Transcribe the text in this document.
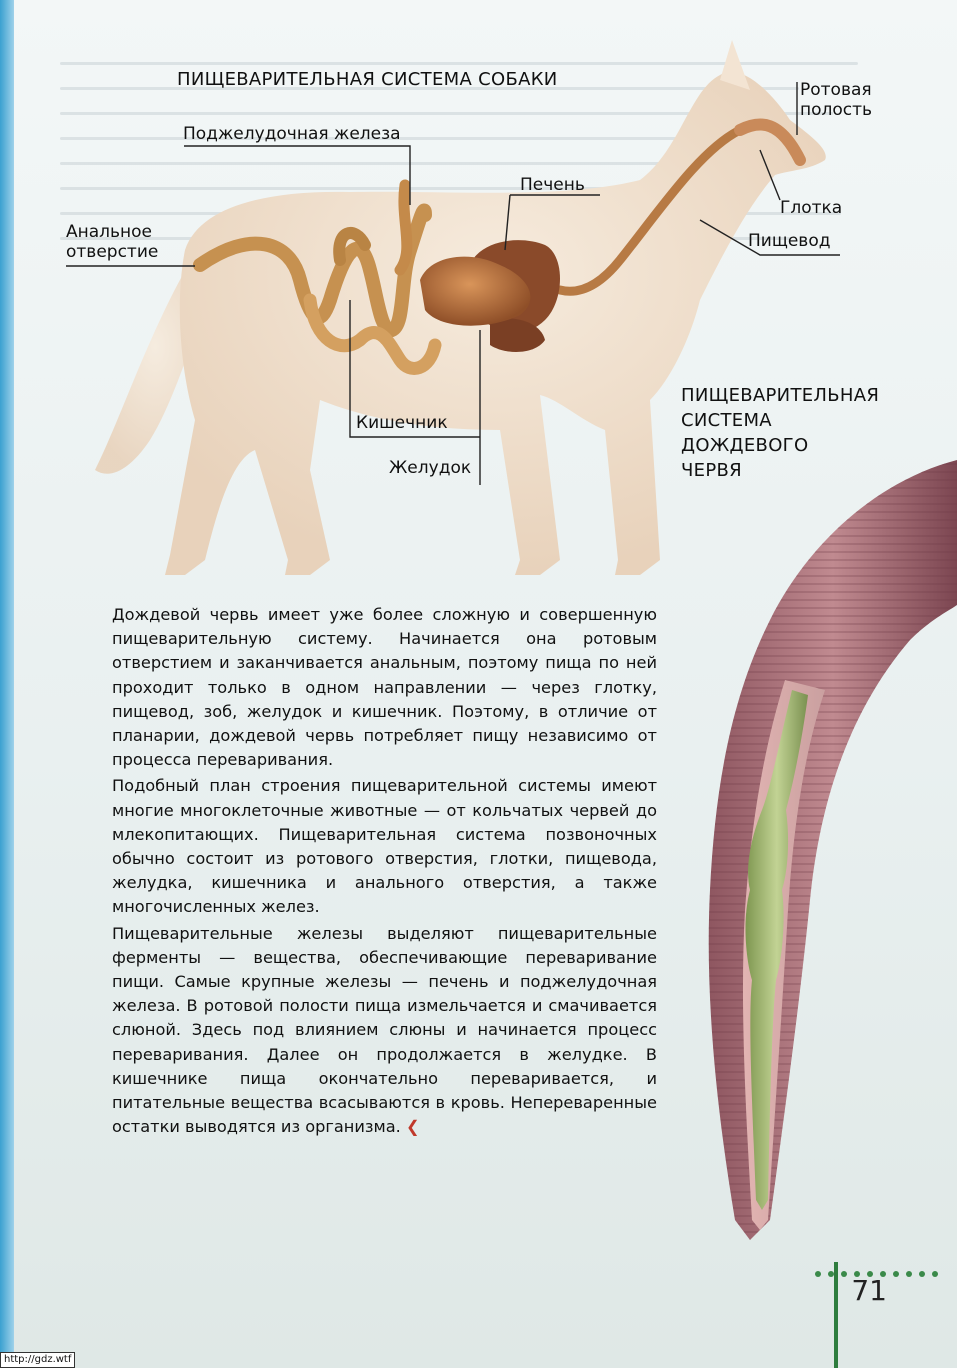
ПИЩЕВАРИТЕЛЬНАЯ СИСТЕМА СОБАКИ	Ротовая
полость
Поджелудочная железа
Печень
Анальное
отверстие
Глотка
Пищевод
Кишечник
Желудок
ПИЩЕВАРИТЕЛЬНАЯ
СИСТЕМА
ДОЖДЕВОГО
ЧЕРВЯ

Дождевой червь имеет уже более сложную и совершенную пищеварительную систему. Начинается она ротовым отверстием и заканчивается анальным, поэтому пища по ней проходит только в одном направлении — через глотку, пищевод, зоб, желудок и кишечник. Поэтому, в отличие от планарии, дождевой червь потребляет пищу независимо от процесса переваривания.

Подобный план строения пищеварительной системы имеют многие многоклеточные животные — от кольчатых червей до млекопитающих. Пищеварительная система позвоночных обычно состоит из ротового отверстия, глотки, пищевода, желудка, кишечника и анального отверстия, а также многочисленных желез.

Пищеварительные железы выделяют пищеварительные ферменты — вещества, обеспечивающие переваривание пищи. Самые крупные железы — печень и поджелудочная железа. В ротовой полости пища измельчается и смачивается слюной. Здесь под влиянием слюны и начинается процесс переваривания. Далее он продолжается в желудке. В кишечнике пища окончательно переваривается, и питательные вещества всасываются в кровь. Непереваренные остатки выводятся из организма. ❮

71
http://gdz.wtf
